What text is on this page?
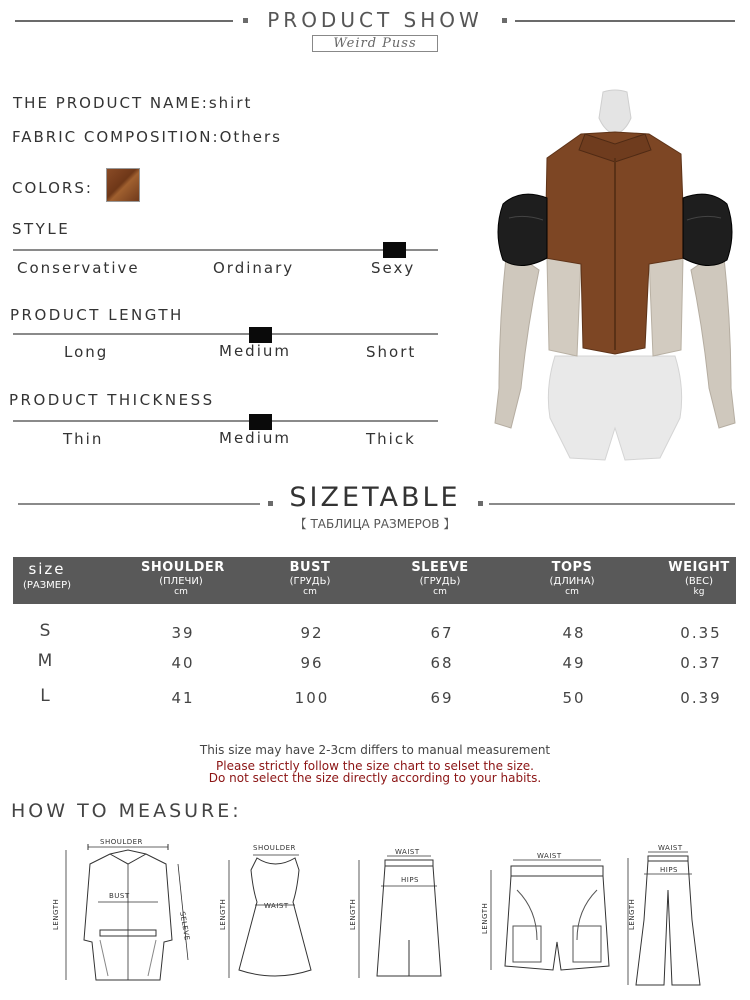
PRODUCT SHOW
Weird Puss
THE PRODUCT NAME:shirt
FABRIC COMPOSITION:Others
COLORS:
STYLE
Conservative	Ordinary	Sexy
PRODUCT LENGTH
Long	Medium	Short
PRODUCT THICKNESS
Thin	Medium	Thick
SIZETABLE
【 ТАБЛИЦА РАЗМЕРОВ 】
size
(РАЗМЕР)
SHOULDER
(ПЛЕЧИ)
cm
BUST
(ГРУДЬ)
cm
SLEEVE
(ГРУДЬ)
cm
TOPS
(ДЛИНА)
cm
WEIGHT
(ВЕС)
kg
S	39	92	67	48	0.35
M	40	96	68	49	0.37
L	41	100	69	50	0.39
This size may have 2-3cm differs to manual measurement
Please strictly follow the size chart to selset the size.
Do not select the size directly according to your habits.
HOW TO MEASURE:
SHOULDER
BUST
LENGTH	SELEVE
SHOULDER
WAIST
LENGTH
WAIST
HIPS
LENGTH
WAIST
LENGTH
WAIST
HIPS
LENGTH
